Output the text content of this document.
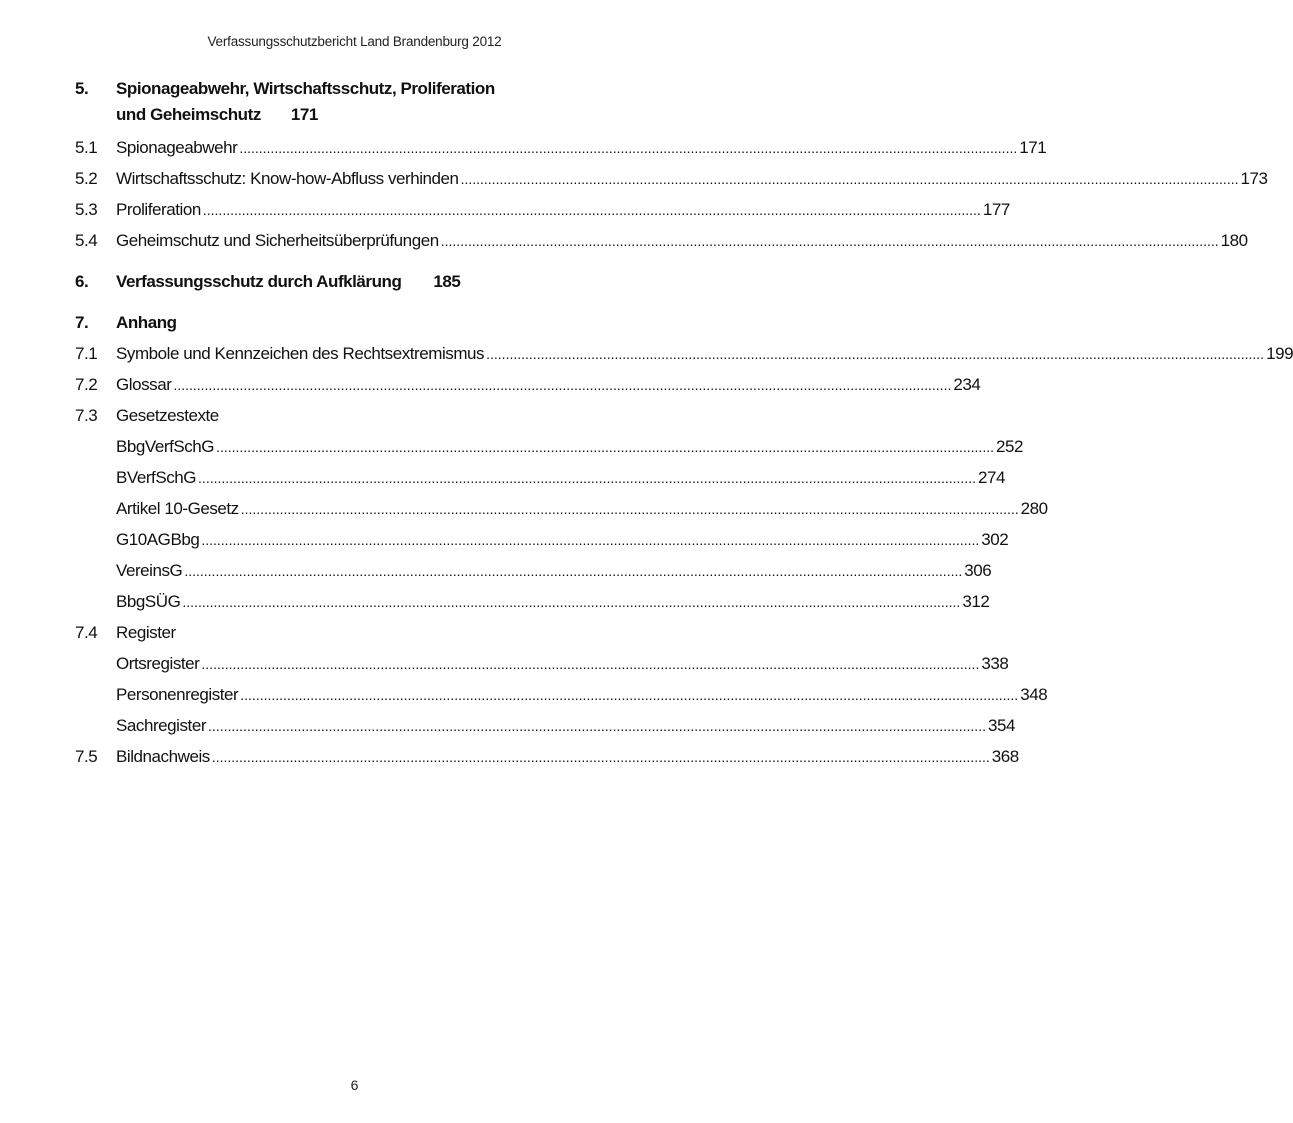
Verfassungsschutzbericht Land Brandenburg 2012
5.	Spionageabwehr, Wirtschaftsschutz, Proliferation
und Geheimschutz 171
5.1	Spionageabwehr ........................................................................................................................................................................................................ 171
5.2	Wirtschaftsschutz: Know-how-Abfluss verhinden ........................................................................................................................................................................................................ 173
5.3	Proliferation ........................................................................................................................................................................................................ 177
5.4	Geheimschutz und Sicherheitsüberprüfungen ........................................................................................................................................................................................................ 180
6.	Verfassungsschutz durch Aufklärung 185
7.	Anhang
7.1	Symbole und Kennzeichen des Rechtsextremismus ........................................................................................................................................................................................................ 199
7.2	Glossar ........................................................................................................................................................................................................ 234
7.3	Gesetzestexte
BbgVerfSchG ........................................................................................................................................................................................................ 252
BVerfSchG ........................................................................................................................................................................................................ 274
Artikel 10-Gesetz ........................................................................................................................................................................................................ 280
G10AGBbg ........................................................................................................................................................................................................ 302
VereinsG ........................................................................................................................................................................................................ 306
BbgSÜG ........................................................................................................................................................................................................ 312
7.4	Register
Ortsregister ........................................................................................................................................................................................................ 338
Personenregister ........................................................................................................................................................................................................ 348
Sachregister ........................................................................................................................................................................................................ 354
7.5	Bildnachweis ........................................................................................................................................................................................................ 368
6
